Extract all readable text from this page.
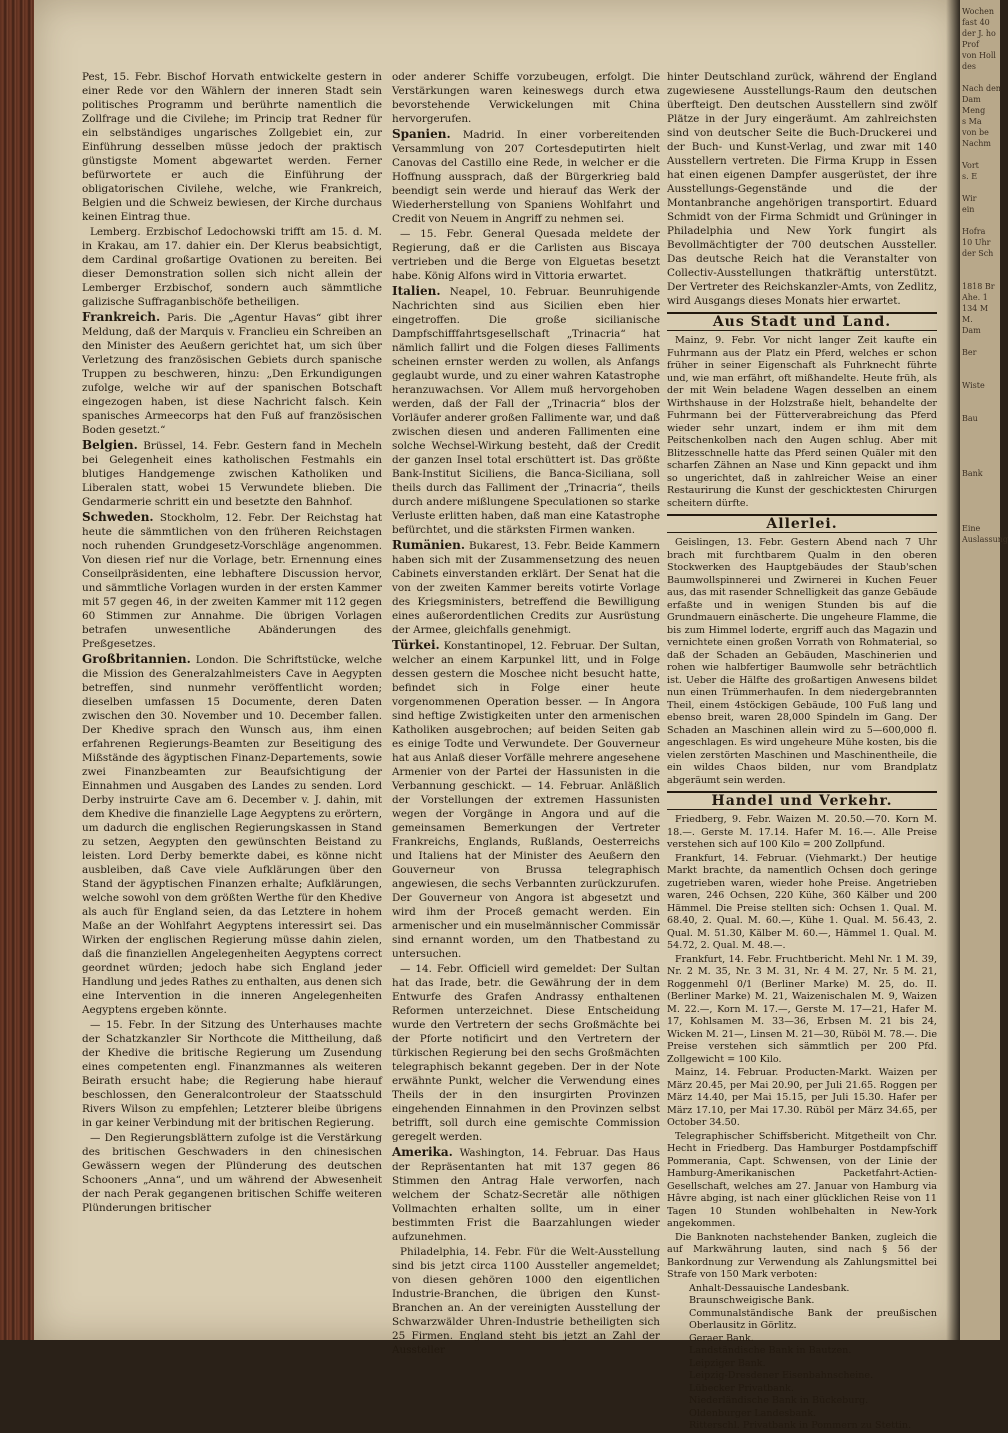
Pest, 15. Febr. Bischof Horvath entwickelte gestern in einer Rede vor den Wählern der inneren Stadt sein politisches Programm und berührte namentlich die Zollfrage und die Civilehe; im Princip trat Redner für ein selbständiges ungarisches Zollgebiet ein, zur Einführung desselben müsse jedoch der praktisch günstigste Moment abgewartet werden. Ferner befürwortete er auch die Einführung der obligatorischen Civilehe, welche, wie Frankreich, Belgien und die Schweiz bewiesen, der Kirche durchaus keinen Eintrag thue.

Lemberg. Erzbischof Ledochowski trifft am 15. d. M. in Krakau, am 17. dahier ein. Der Klerus beabsichtigt, dem Cardinal großartige Ovationen zu bereiten. Bei dieser Demonstration sollen sich nicht allein der Lemberger Erzbischof, sondern auch sämmtliche galizische Suffraganbischöfe betheiligen.

Frankreich. Paris. Die „Agentur Havas“ gibt ihrer Meldung, daß der Marquis v. Franclieu ein Schreiben an den Minister des Aeußern gerichtet hat, um sich über Verletzung des französischen Gebiets durch spanische Truppen zu beschweren, hinzu: „Den Erkundigungen zufolge, welche wir auf der spanischen Botschaft eingezogen haben, ist diese Nachricht falsch. Kein spanisches Armeecorps hat den Fuß auf französischen Boden gesetzt.“

Belgien. Brüssel, 14. Febr. Gestern fand in Mecheln bei Gelegenheit eines katholischen Festmahls ein blutiges Handgemenge zwischen Katholiken und Liberalen statt, wobei 15 Verwundete blieben. Die Gendarmerie schritt ein und besetzte den Bahnhof.

Schweden. Stockholm, 12. Febr. Der Reichstag hat heute die sämmtlichen von den früheren Reichstagen noch ruhenden Grundgesetz-Vorschläge angenommen. Von diesen rief nur die Vorlage, betr. Ernennung eines Conseilpräsidenten, eine lebhaftere Discussion hervor, und sämmtliche Vorlagen wurden in der ersten Kammer mit 57 gegen 46, in der zweiten Kammer mit 112 gegen 60 Stimmen zur Annahme. Die übrigen Vorlagen betrafen unwesentliche Abänderungen des Preßgesetzes.

Großbritannien. London. Die Schriftstücke, welche die Mission des Generalzahlmeisters Cave in Aegypten betreffen, sind nunmehr veröffentlicht worden; dieselben umfassen 15 Documente, deren Daten zwischen den 30. November und 10. December fallen. Der Khedive sprach den Wunsch aus, ihm einen erfahrenen Regierungs-Beamten zur Beseitigung des Mißstände des ägyptischen Finanz-Departements, sowie zwei Finanzbeamten zur Beaufsichtigung der Einnahmen und Ausgaben des Landes zu senden. Lord Derby instruirte Cave am 6. December v. J. dahin, mit dem Khedive die finanzielle Lage Aegyptens zu erörtern, um dadurch die englischen Regierungskassen in Stand zu setzen, Aegypten den gewünschten Beistand zu leisten. Lord Derby bemerkte dabei, es könne nicht ausbleiben, daß Cave viele Aufklärungen über den Stand der ägyptischen Finanzen erhalte; Aufklärungen, welche sowohl von dem größten Werthe für den Khedive als auch für England seien, da das Letztere in hohem Maße an der Wohlfahrt Aegyptens interessirt sei. Das Wirken der englischen Regierung müsse dahin zielen, daß die finanziellen Angelegenheiten Aegyptens correct geordnet würden; jedoch habe sich England jeder Handlung und jedes Rathes zu enthalten, aus denen sich eine Intervention in die inneren Angelegenheiten Aegyptens ergeben könnte.

— 15. Febr. In der Sitzung des Unterhauses machte der Schatzkanzler Sir Northcote die Mittheilung, daß der Khedive die britische Regierung um Zusendung eines competenten engl. Finanzmannes als weiteren Beirath ersucht habe; die Regierung habe hierauf beschlossen, den Generalcontroleur der Staatsschuld Rivers Wilson zu empfehlen; Letzterer bleibe übrigens in gar keiner Verbindung mit der britischen Regierung.

— Den Regierungsblättern zufolge ist die Verstärkung des britischen Geschwaders in den chinesischen Gewässern wegen der Plünderung des deutschen Schooners „Anna“, und um während der Abwesenheit der nach Perak gegangenen britischen Schiffe weiteren Plünderungen britischer

oder anderer Schiffe vorzubeugen, erfolgt. Die Verstärkungen waren keineswegs durch etwa bevorstehende Verwickelungen mit China hervorgerufen.

Spanien. Madrid. In einer vorbereitenden Versammlung von 207 Cortesdeputirten hielt Canovas del Castillo eine Rede, in welcher er die Hoffnung aussprach, daß der Bürgerkrieg bald beendigt sein werde und hierauf das Werk der Wiederherstellung von Spaniens Wohlfahrt und Credit von Neuem in Angriff zu nehmen sei.

— 15. Febr. General Quesada meldete der Regierung, daß er die Carlisten aus Biscaya vertrieben und die Berge von Elguetas besetzt habe. König Alfons wird in Vittoria erwartet.

Italien. Neapel, 10. Februar. Beunruhigende Nachrichten sind aus Sicilien eben hier eingetroffen. Die große sicilianische Dampfschifffahrtsgesellschaft „Trinacria“ hat nämlich fallirt und die Folgen dieses Falliments scheinen ernster werden zu wollen, als Anfangs geglaubt wurde, und zu einer wahren Katastrophe heranzuwachsen. Vor Allem muß hervorgehoben werden, daß der Fall der „Trinacria“ blos der Vorläufer anderer großen Fallimente war, und daß zwischen diesen und anderen Fallimenten eine solche Wechsel-Wirkung besteht, daß der Credit der ganzen Insel total erschüttert ist. Das größte Bank-Institut Siciliens, die Banca-Siciliana, soll theils durch das Falliment der „Trinacria“, theils durch andere mißlungene Speculationen so starke Verluste erlitten haben, daß man eine Katastrophe befürchtet, und die stärksten Firmen wanken.

Rumänien. Bukarest, 13. Febr. Beide Kammern haben sich mit der Zusammensetzung des neuen Cabinets einverstanden erklärt. Der Senat hat die von der zweiten Kammer bereits votirte Vorlage des Kriegsministers, betreffend die Bewilligung eines außerordentlichen Credits zur Ausrüstung der Armee, gleichfalls genehmigt.

Türkei. Konstantinopel, 12. Februar. Der Sultan, welcher an einem Karpunkel litt, und in Folge dessen gestern die Moschee nicht besucht hatte, befindet sich in Folge einer heute vorgenommenen Operation besser. — In Angora sind heftige Zwistigkeiten unter den armenischen Katholiken ausgebrochen; auf beiden Seiten gab es einige Todte und Verwundete. Der Gouverneur hat aus Anlaß dieser Vorfälle mehrere angesehene Armenier von der Partei der Hassunisten in die Verbannung geschickt. — 14. Februar. Anläßlich der Vorstellungen der extremen Hassunisten wegen der Vorgänge in Angora und auf die gemeinsamen Bemerkungen der Vertreter Frankreichs, Englands, Rußlands, Oesterreichs und Italiens hat der Minister des Aeußern den Gouverneur von Brussa telegraphisch angewiesen, die sechs Verbannten zurückzurufen. Der Gouverneur von Angora ist abgesetzt und wird ihm der Proceß gemacht werden. Ein armenischer und ein muselmännischer Commissär sind ernannt worden, um den Thatbestand zu untersuchen.

— 14. Febr. Officiell wird gemeldet: Der Sultan hat das Irade, betr. die Gewährung der in dem Entwurfe des Grafen Andrassy enthaltenen Reformen unterzeichnet. Diese Entscheidung wurde den Vertretern der sechs Großmächte bei der Pforte notificirt und den Vertretern der türkischen Regierung bei den sechs Großmächten telegraphisch bekannt gegeben. Der in der Note erwähnte Punkt, welcher die Verwendung eines Theils der in den insurgirten Provinzen eingehenden Einnahmen in den Provinzen selbst betrifft, soll durch eine gemischte Commission geregelt werden.

Amerika. Washington, 14. Februar. Das Haus der Repräsentanten hat mit 137 gegen 86 Stimmen den Antrag Hale verworfen, nach welchem der Schatz-Secretär alle nöthigen Vollmachten erhalten sollte, um in einer bestimmten Frist die Baarzahlungen wieder aufzunehmen.

Philadelphia, 14. Febr. Für die Welt-Ausstellung sind bis jetzt circa 1100 Aussteller angemeldet; von diesen gehören 1000 den eigentlichen Industrie-Branchen, die übrigen den Kunst-Branchen an. An der vereinigten Ausstellung der Schwarzwälder Uhren-Industrie betheiligten sich 25 Firmen. England steht bis jetzt an Zahl der Aussteller

hinter Deutschland zurück, während der England zugewiesene Ausstellungs-Raum den deutschen überfteigt. Den deutschen Ausstellern sind zwölf Plätze in der Jury eingeräumt. Am zahlreichsten sind von deutscher Seite die Buch-Druckerei und der Buch- und Kunst-Verlag, und zwar mit 140 Ausstellern vertreten. Die Firma Krupp in Essen hat einen eigenen Dampfer ausgerüstet, der ihre Ausstellungs-Gegenstände und die der Montanbranche angehörigen transportirt. Eduard Schmidt von der Firma Schmidt und Grüninger in Philadelphia und New York fungirt als Bevollmächtigter der 700 deutschen Aussteller. Das deutsche Reich hat die Veranstalter von Collectiv-Ausstellungen thatkräftig unterstützt. Der Vertreter des Reichskanzler-Amts, von Zedlitz, wird Ausgangs dieses Monats hier erwartet.

Aus Stadt und Land.

Mainz, 9. Febr. Vor nicht langer Zeit kaufte ein Fuhrmann aus der Platz ein Pferd, welches er schon früher in seiner Eigenschaft als Fuhrknecht führte und, wie man erfährt, oft mißhandelte. Heute früh, als der mit Wein beladene Wagen desselben an einem Wirthshause in der Holzstraße hielt, behandelte der Fuhrmann bei der Fütterverabreichung das Pferd wieder sehr unzart, indem er ihm mit dem Peitschenkolben nach den Augen schlug. Aber mit Blitzesschnelle hatte das Pferd seinen Quäler mit den scharfen Zähnen an Nase und Kinn gepackt und ihm so ungerichtet, daß in zahlreicher Weise an einer Restaurirung die Kunst der geschicktesten Chirurgen scheitern dürfte.

Allerlei.

Geislingen, 13. Febr. Gestern Abend nach 7 Uhr brach mit furchtbarem Qualm in den oberen Stockwerken des Hauptgebäudes der Staub'schen Baumwollspinnerei und Zwirnerei in Kuchen Feuer aus, das mit rasender Schnelligkeit das ganze Gebäude erfaßte und in wenigen Stunden bis auf die Grundmauern einäscherte. Die ungeheure Flamme, die bis zum Himmel loderte, ergriff auch das Magazin und vernichtete einen großen Vorrath von Rohmaterial, so daß der Schaden an Gebäuden, Maschinerien und rohen wie halbfertiger Baumwolle sehr beträchtlich ist. Ueber die Hälfte des großartigen Anwesens bildet nun einen Trümmerhaufen. In dem niedergebrannten Theil, einem 4stöckigen Gebäude, 100 Fuß lang und ebenso breit, waren 28,000 Spindeln im Gang. Der Schaden an Maschinen allein wird zu 5—600,000 fl. angeschlagen. Es wird ungeheure Mühe kosten, bis die vielen zerstörten Maschinen und Maschinentheile, die ein wildes Chaos bilden, nur vom Brandplatz abgeräumt sein werden.

Handel und Verkehr.

Friedberg, 9. Febr. Waizen M. 20.50.—70. Korn M. 18.—. Gerste M. 17.14. Hafer M. 16.—. Alle Preise verstehen sich auf 100 Kilo = 200 Zollpfund.

Frankfurt, 14. Februar. (Viehmarkt.) Der heutige Markt brachte, da namentlich Ochsen doch geringe zugetrieben waren, wieder hohe Preise. Angetrieben waren, 246 Ochsen, 220 Kühe, 360 Kälber und 200 Hämmel. Die Preise stellten sich: Ochsen 1. Qual. M. 68.40, 2. Qual. M. 60.—, Kühe 1. Qual. M. 56.43, 2. Qual. M. 51.30, Kälber M. 60.—, Hämmel 1. Qual. M. 54.72, 2. Qual. M. 48.—.

Frankfurt, 14. Febr. Fruchtbericht. Mehl Nr. 1 M. 39, Nr. 2 M. 35, Nr. 3 M. 31, Nr. 4 M. 27, Nr. 5 M. 21, Roggenmehl 0/1 (Berliner Marke) M. 25, do. II. (Berliner Marke) M. 21, Waizenischalen M. 9, Waizen M. 22.—, Korn M. 17.—, Gerste M. 17—21, Hafer M. 17, Kohlsamen M. 33—36, Erbsen M. 21 bis 24, Wicken M. 21—, Linsen M. 21—30, Rüböl M. 78.—. Die Preise verstehen sich sämmtlich per 200 Pfd. Zollgewicht = 100 Kilo.

Mainz, 14. Februar. Producten-Markt. Waizen per März 20.45, per Mai 20.90, per Juli 21.65. Roggen per März 14.40, per Mai 15.15, per Juli 15.30. Hafer per März 17.10, per Mai 17.30. Rüböl per März 34.65, per October 34.50.

Telegraphischer Schiffsbericht. Mitgetheilt von Chr. Hecht in Friedberg. Das Hamburger Postdampfschiff Pommerania, Capt. Schwensen, von der Linie der Hamburg-Amerikanischen Packetfahrt-Actien-Gesellschaft, welches am 27. Januar von Hamburg via Hâvre abging, ist nach einer glücklichen Reise von 11 Tagen 10 Stunden wohlbehalten in New-York angekommen.

Die Banknoten nachstehender Banken, zugleich die auf Markwährung lauten, sind nach § 56 der Bankordnung zur Verwendung als Zahlungsmittel bei Strafe von 150 Mark verboten:

Anhalt-Dessauische Landesbank.
Braunschweigische Bank.
Communalständische Bank der preußischen Oberlausitz in Görlitz.
Geraer Bank.
Landständische Bank in Bautzen.
Leipziger Bank.
Leipzig-Dresdener Eisenbahnscheine.
Lübecker Privatbank.
Niederländische Bank in Bückeburg.
Oldenburger Landesbank.
Ritterschl. Privatbank in Pommern zu Stettin.
Wochen
fast 40
der J. ho
Prof
von Holl
des

Nach den
Dam
Meng
s Ma
von be
Nachm

Vort
s. E

Wir
ein

Hofra
10 Uhr
der Sch

1818 Br
Ahe. 1
134 M
M.
Dam

Ber

Wiste

Bau

Bank

Eine
Auslassung
